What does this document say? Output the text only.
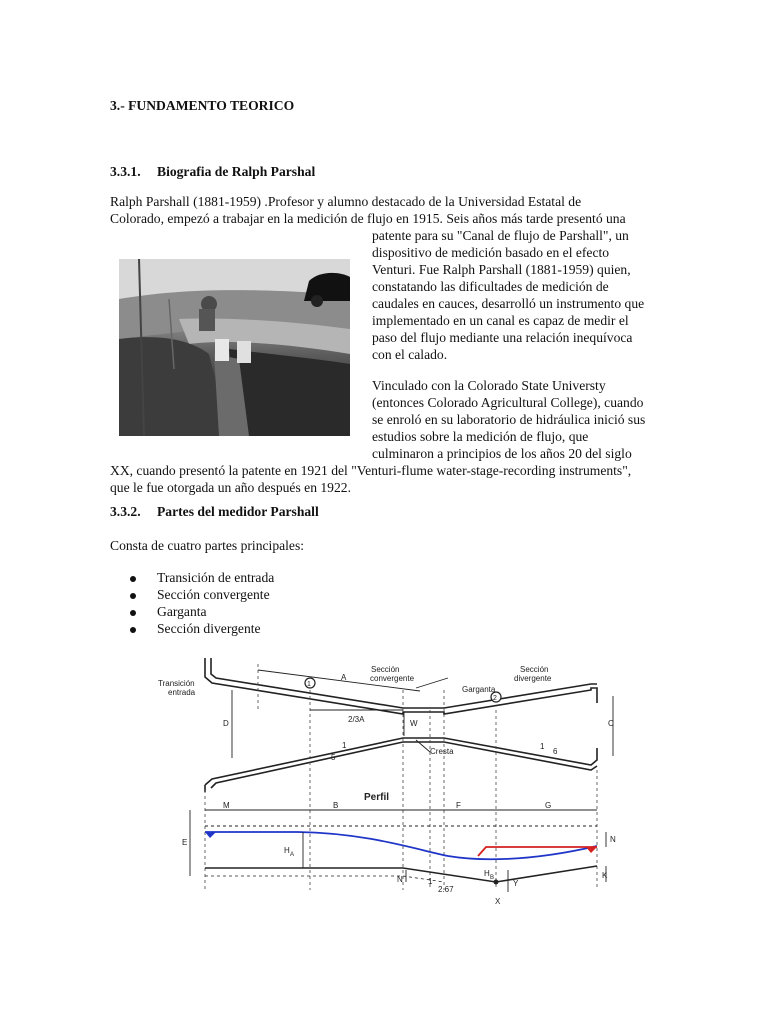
3.- FUNDAMENTO TEORICO
3.3.1. Biografia de Ralph Parshal
Ralph Parshall (1881-1959) .Profesor y alumno destacado de la Universidad Estatal de
Colorado, empezó a trabajar en la medición de flujo en 1915. Seis años más tarde presentó una
patente para su "Canal de flujo de Parshall", un
dispositivo de medición basado en el efecto
Venturi. Fue Ralph Parshall (1881-1959) quien,
constatando las dificultades de medición de
caudales en cauces, desarrolló un instrumento que
implementado en un canal es capaz de medir el
paso del flujo mediante una relación inequívoca
con el calado.
Vinculado con la Colorado State Universty
(entonces Colorado Agricultural College), cuando
se enroló en su laboratorio de hidráulica inició sus
estudios sobre la medición de flujo, que
culminaron a principios de los años 20 del siglo
XX, cuando presentó la patente en 1921 del "Venturi-flume water-stage-recording instruments",
que le fue otorgada un año después en 1922.
3.3.2. Partes del medidor Parshall
Consta de cuatro partes principales:
Transición de entrada
Sección convergente
Garganta
Sección divergente
Transición
entrada
Sección
convergente
Garganta
Sección
divergente
A
2/3A
D	C
W
Cresta
1
5
1
6
1
2
Perfil
M	B	F	G
E
H A
H B
N
N	1
2.67
Y
K
X
